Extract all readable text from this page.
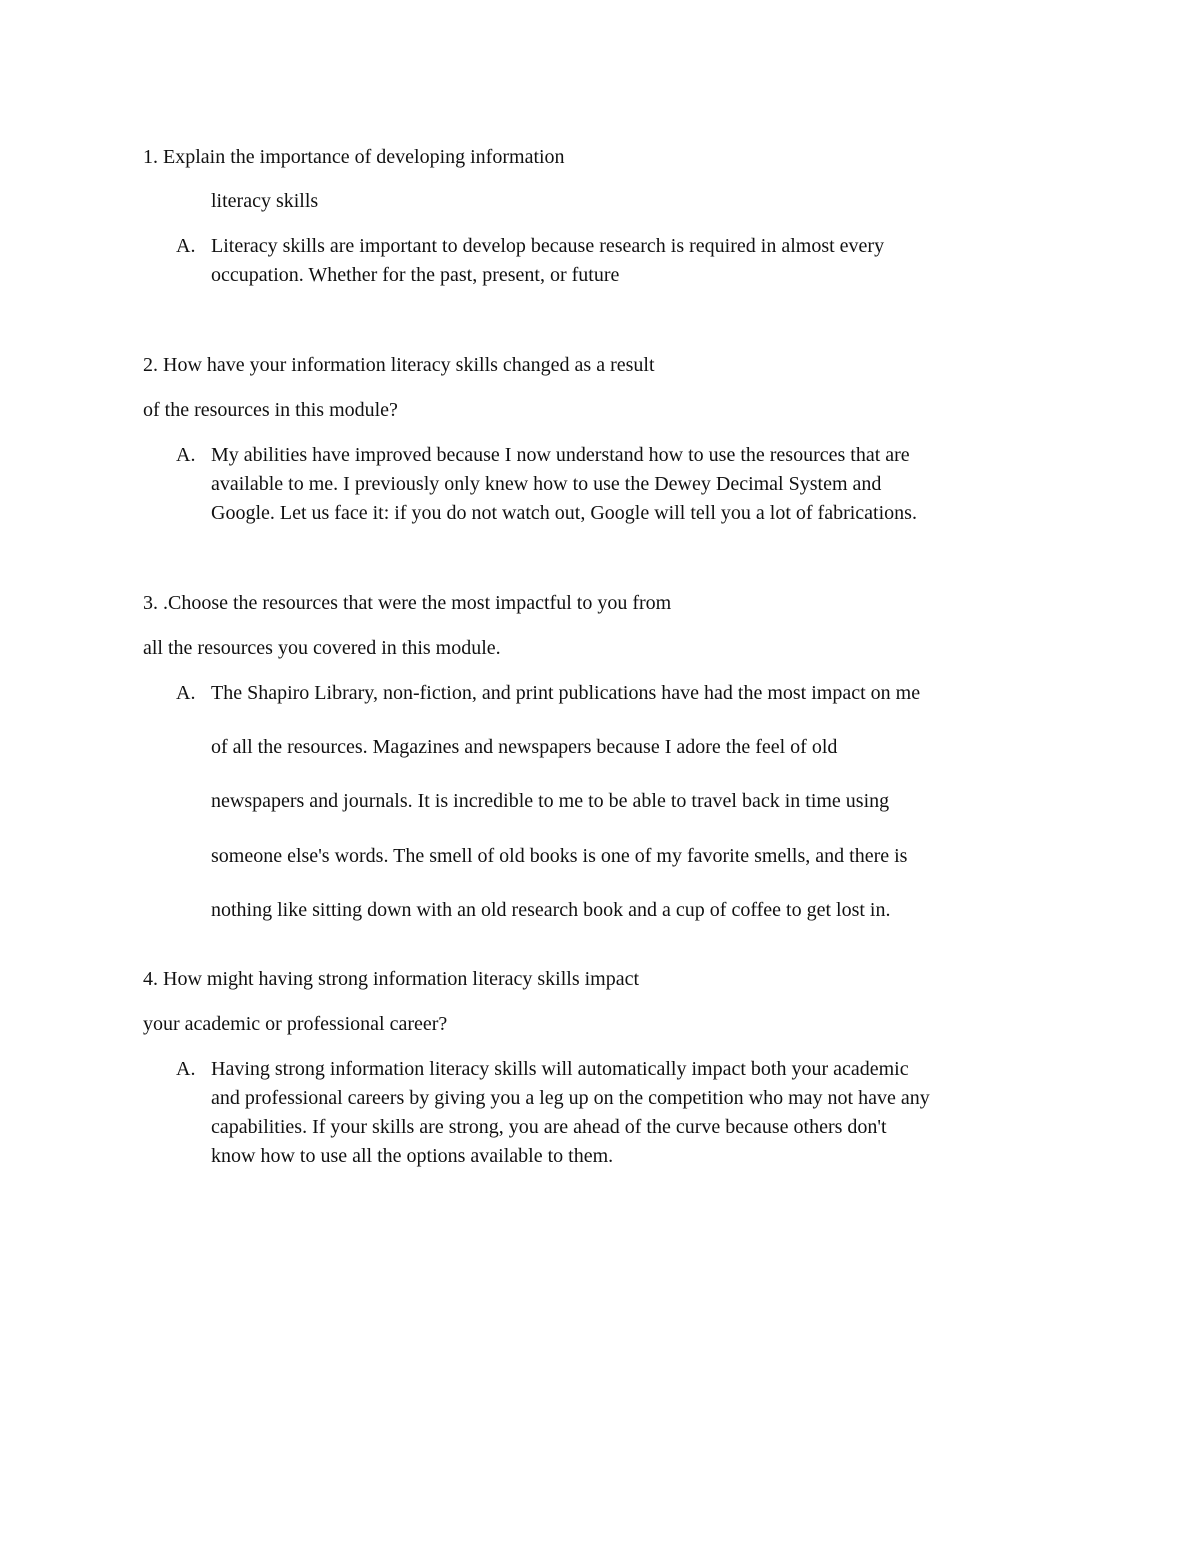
1. Explain the importance of developing information
literacy skills
A. Literacy skills are important to develop because research is required in almost every
occupation. Whether for the past, present, or future
2. How have your information literacy skills changed as a result
of the resources in this module?
A. My abilities have improved because I now understand how to use the resources that are
available to me. I previously only knew how to use the Dewey Decimal System and
Google. Let us face it: if you do not watch out, Google will tell you a lot of fabrications.
3. .Choose the resources that were the most impactful to you from
all the resources you covered in this module.
A. The Shapiro Library, non-fiction, and print publications have had the most impact on me
of all the resources. Magazines and newspapers because I adore the feel of old
newspapers and journals. It is incredible to me to be able to travel back in time using
someone else's words. The smell of old books is one of my favorite smells, and there is
nothing like sitting down with an old research book and a cup of coffee to get lost in.
4. How might having strong information literacy skills impact
your academic or professional career?
A. Having strong information literacy skills will automatically impact both your academic
and professional careers by giving you a leg up on the competition who may not have any
capabilities. If your skills are strong, you are ahead of the curve because others don't
know how to use all the options available to them.
